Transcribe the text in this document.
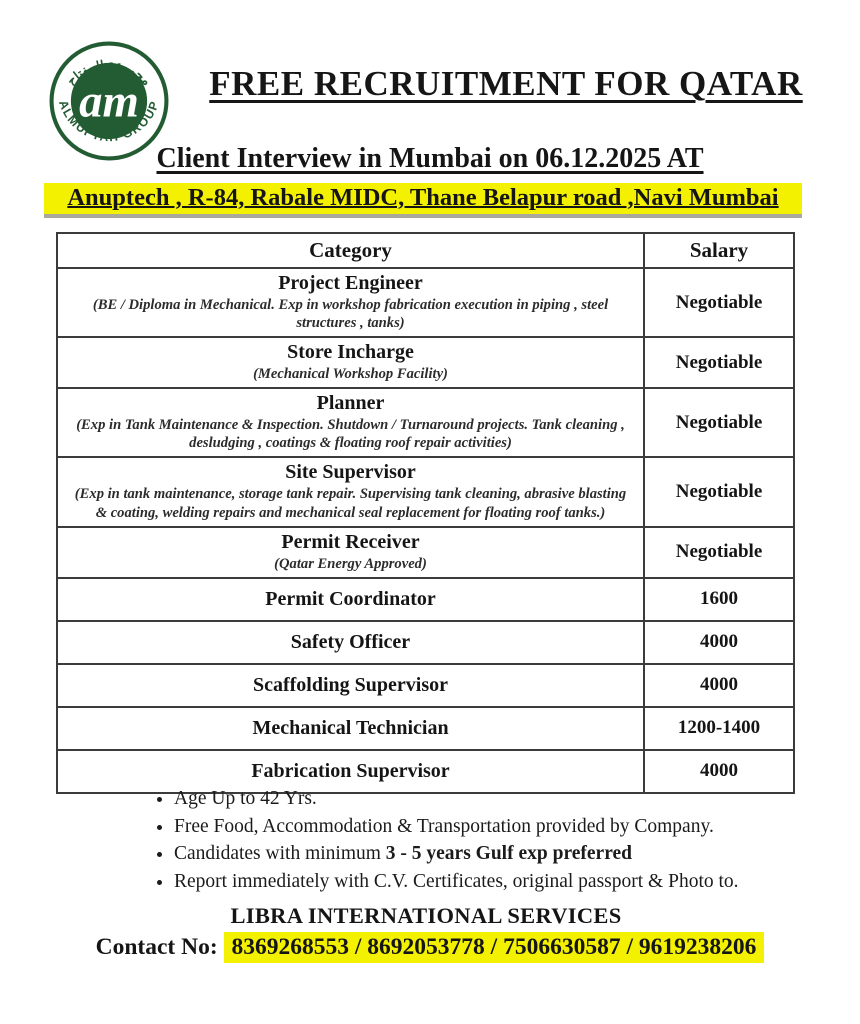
مجموعة المفتاح
ALMUFTAH GROUP
am	FREE RECRUITMENT FOR QATAR
Client Interview in Mumbai on 06.12.2025 AT
Anuptech , R-84, Rabale MIDC, Thane Belapur road ,Navi Mumbai
Category	Salary

Project Engineer
(BE / Diploma in Mechanical. Exp in workshop fabrication execution in piping , steel structures , tanks)	Negotiable

Store Incharge
(Mechanical Workshop Facility)	Negotiable

Planner
(Exp in Tank Maintenance & Inspection. Shutdown / Turnaround projects. Tank cleaning , desludging , coatings & floating roof repair activities)	Negotiable

Site Supervisor
(Exp in tank maintenance, storage tank repair. Supervising tank cleaning, abrasive blasting & coating, welding repairs and mechanical seal replacement for floating roof tanks.)	Negotiable

Permit Receiver
(Qatar Energy Approved)	Negotiable

Permit Coordinator	1600

Safety Officer	4000

Scaffolding Supervisor	4000

Mechanical Technician	1200-1400

Fabrication Supervisor	4000
• Age Up to 42 Yrs.
• Free Food, Accommodation & Transportation provided by Company.
• Candidates with minimum 3 - 5 years Gulf exp preferred
• Report immediately with C.V. Certificates, original passport & Photo to.
LIBRA INTERNATIONAL SERVICES
Contact No: 8369268553 / 8692053778 / 7506630587 / 9619238206
